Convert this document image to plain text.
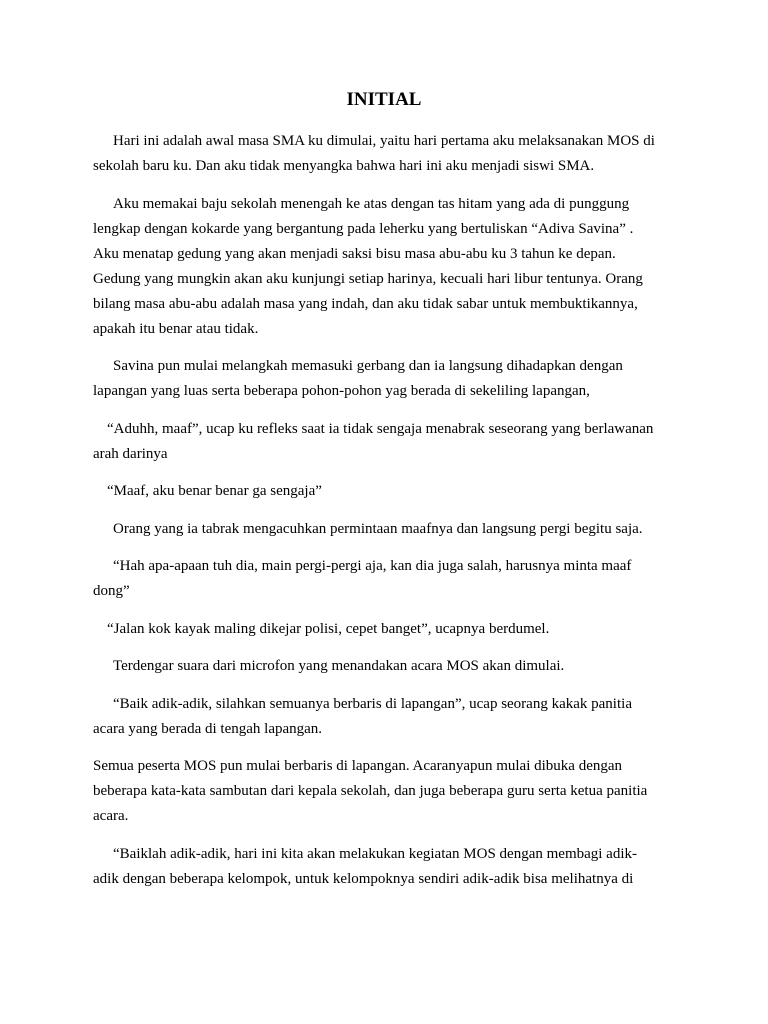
INITIAL

Hari ini adalah awal masa SMA ku dimulai, yaitu hari pertama aku melaksanakan MOS di
sekolah baru ku. Dan aku tidak menyangka bahwa hari ini aku menjadi siswi SMA.

Aku memakai baju sekolah menengah ke atas dengan tas hitam yang ada di punggung
lengkap dengan kokarde yang bergantung pada leherku yang bertuliskan “Adiva Savina” .
Aku menatap gedung yang akan menjadi saksi bisu masa abu-abu ku 3 tahun ke depan.
Gedung yang mungkin akan aku kunjungi setiap harinya, kecuali hari libur tentunya. Orang
bilang masa abu-abu adalah masa yang indah, dan aku tidak sabar untuk membuktikannya,
apakah itu benar atau tidak.

Savina pun mulai melangkah memasuki gerbang dan ia langsung dihadapkan dengan
lapangan yang luas serta beberapa pohon-pohon yag berada di sekeliling lapangan,

“Aduhh, maaf”, ucap ku refleks saat ia tidak sengaja menabrak seseorang yang berlawanan
arah darinya

“Maaf, aku benar benar ga sengaja”

Orang yang ia tabrak mengacuhkan permintaan maafnya dan langsung pergi begitu saja.

“Hah apa-apaan tuh dia, main pergi-pergi aja, kan dia juga salah, harusnya minta maaf
dong”

“Jalan kok kayak maling dikejar polisi, cepet banget”, ucapnya berdumel.

Terdengar suara dari microfon yang menandakan acara MOS akan dimulai.

“Baik adik-adik, silahkan semuanya berbaris di lapangan”, ucap seorang kakak panitia
acara yang berada di tengah lapangan.

Semua peserta MOS pun mulai berbaris di lapangan. Acaranyapun mulai dibuka dengan
beberapa kata-kata sambutan dari kepala sekolah, dan juga beberapa guru serta ketua panitia
acara.

“Baiklah adik-adik, hari ini kita akan melakukan kegiatan MOS dengan membagi adik-
adik dengan beberapa kelompok, untuk kelompoknya sendiri adik-adik bisa melihatnya di
